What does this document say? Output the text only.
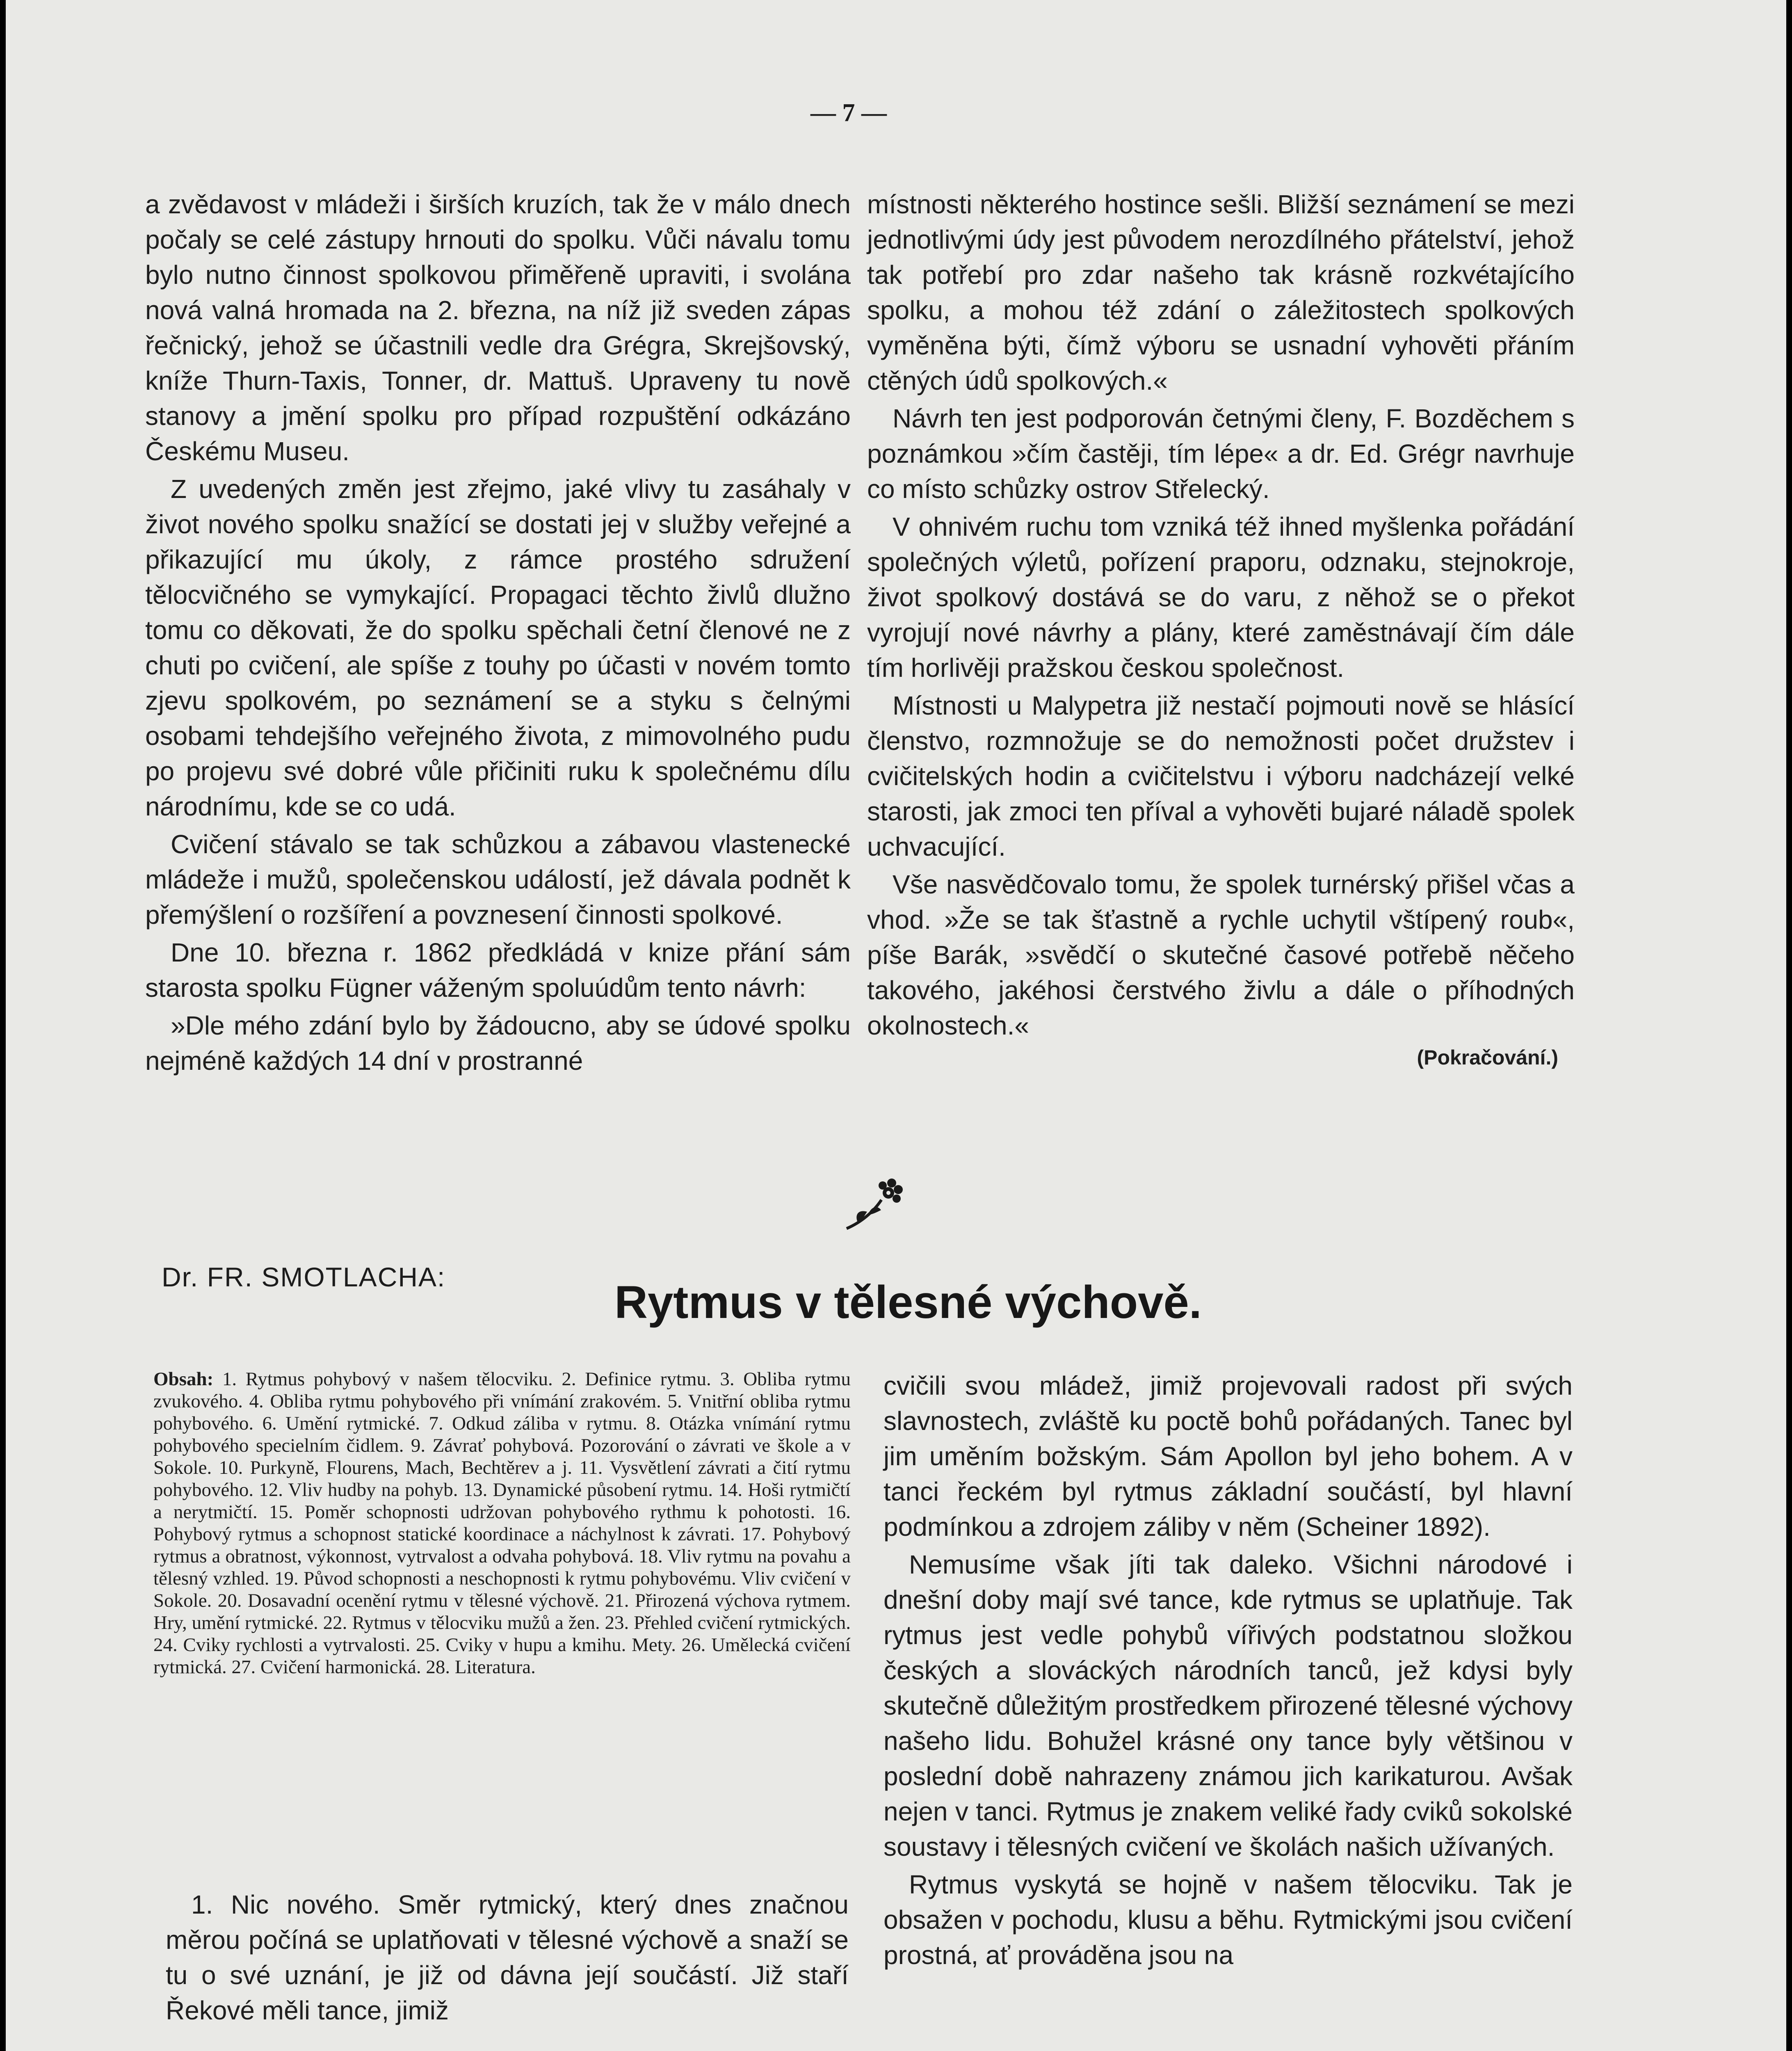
— 7 —

a zvědavost v mládeži i širších kruzích, tak že v málo dnech počaly se celé zástupy hrnouti do spolku. Vůči návalu tomu bylo nutno činnost spolkovou přiměřeně upraviti, i svolána nová valná hromada na 2. března, na níž již sveden zápas řečnický, jehož se účastnili vedle dra Grégra, Skrejšovský, kníže Thurn-Taxis, Tonner, dr. Mattuš. Upraveny tu nově stanovy a jmění spolku pro případ rozpuštění odkázáno Českému Museu.

Z uvedených změn jest zřejmo, jaké vlivy tu zasáhaly v život nového spolku snažící se dostati jej v služby veřejné a přikazující mu úkoly, z rámce prostého sdružení tělocvičného se vymykající. Propagaci těchto živlů dlužno tomu co děkovati, že do spolku spěchali četní členové ne z chuti po cvičení, ale spíše z touhy po účasti v novém tomto zjevu spolkovém, po seznámení se a styku s čelnými osobami tehdejšího veřejného života, z mimovolného pudu po projevu své dobré vůle přičiniti ruku k společnému dílu národnímu, kde se co udá.

Cvičení stávalo se tak schůzkou a zábavou vlastenecké mládeže i mužů, společenskou událostí, jež dávala podnět k přemýšlení o rozšíření a povznesení činnosti spolkové.

Dne 10. března r. 1862 předkládá v knize přání sám starosta spolku Fügner váženým spoluúdům tento návrh:

»Dle mého zdání bylo by žádoucno, aby se údové spolku nejméně každých 14 dní v prostranné

místnosti některého hostince sešli. Bližší seznámení se mezi jednotlivými údy jest původem nerozdílného přátelství, jehož tak potřebí pro zdar našeho tak krásně rozkvétajícího spolku, a mohou též zdání o záležitostech spolkových vyměněna býti, čímž výboru se usnadní vyhověti přáním ctěných údů spolkových.«

Návrh ten jest podporován četnými členy, F. Bozděchem s poznámkou »čím častěji, tím lépe« a dr. Ed. Grégr navrhuje co místo schůzky ostrov Střelecký.

V ohnivém ruchu tom vzniká též ihned myšlenka pořádání společných výletů, pořízení praporu, odznaku, stejnokroje, život spolkový dostává se do varu, z něhož se o překot vyrojují nové návrhy a plány, které zaměstnávají čím dále tím horlivěji pražskou českou společnost.

Místnosti u Malypetra již nestačí pojmouti nově se hlásící členstvo, rozmnožuje se do nemožnosti počet družstev i cvičitelských hodin a cvičitelstvu i výboru nadcházejí velké starosti, jak zmoci ten příval a vyhověti bujaré náladě spolek uchvacující.

Vše nasvědčovalo tomu, že spolek turnérský přišel včas a vhod. »Že se tak šťastně a rychle uchytil vštípený roub«, píše Barák, »svědčí o skutečné časové potřebě něčeho takového, jakéhosi čerstvého živlu a dále o příhodných okolnostech.«

(Pokračování.)

Dr. FR. SMOTLACHA:	Rytmus v tělesné výchově.

Obsah: 1. Rytmus pohybový v našem tělocviku. 2. Definice rytmu. 3. Obliba rytmu zvukového. 4. Obliba rytmu pohybového při vnímání zrakovém. 5. Vnitřní obliba rytmu pohybového. 6. Umění rytmické. 7. Odkud záliba v rytmu. 8. Otázka vnímání rytmu pohybového specielním čidlem. 9. Závrať pohybová. Pozorování o závrati ve škole a v Sokole. 10. Purkyně, Flourens, Mach, Bechtěrev a j. 11. Vysvětlení závrati a čití rytmu pohybového. 12. Vliv hudby na pohyb. 13. Dynamické působení rytmu. 14. Hoši rytmičtí a nerytmičtí. 15. Poměr schopnosti udržovan pohybového rythmu k pohotosti. 16. Pohybový rytmus a schopnost statické koordinace a náchylnost k závrati. 17. Pohybový rytmus a obratnost, výkonnost, vytrvalost a odvaha pohybová. 18. Vliv rytmu na povahu a tělesný vzhled. 19. Původ schopnosti a neschopnosti k rytmu pohybovému. Vliv cvičení v Sokole. 20. Dosavadní ocenění rytmu v tělesné výchově. 21. Přirozená výchova rytmem. Hry, umění rytmické. 22. Rytmus v tělocviku mužů a žen. 23. Přehled cvičení rytmických. 24. Cviky rychlosti a vytrvalosti. 25. Cviky v hupu a kmihu. Mety. 26. Umělecká cvičení rytmická. 27. Cvičení harmonická. 28. Literatura.

1. Nic nového. Směr rytmický, který dnes značnou měrou počíná se uplatňovati v tělesné výchově a snaží se tu o své uznání, je již od dávna její součástí. Již staří Řekové měli tance, jimiž

cvičili svou mládež, jimiž projevovali radost při svých slavnostech, zvláště ku poctě bohů pořádaných. Tanec byl jim uměním božským. Sám Apollon byl jeho bohem. A v tanci řeckém byl rytmus základní součástí, byl hlavní podmínkou a zdrojem záliby v něm (Scheiner 1892).

Nemusíme však jíti tak daleko. Všichni národové i dnešní doby mají své tance, kde rytmus se uplatňuje. Tak rytmus jest vedle pohybů vířivých podstatnou složkou českých a slováckých národních tanců, jež kdysi byly skutečně důležitým prostředkem přirozené tělesné výchovy našeho lidu. Bohužel krásné ony tance byly většinou v poslední době nahrazeny známou jich karikaturou. Avšak nejen v tanci. Rytmus je znakem veliké řady cviků sokolské soustavy i tělesných cvičení ve školách našich užívaných.

Rytmus vyskytá se hojně v našem tělocviku. Tak je obsažen v pochodu, klusu a běhu. Rytmickými jsou cvičení prostná, ať prováděna jsou na
